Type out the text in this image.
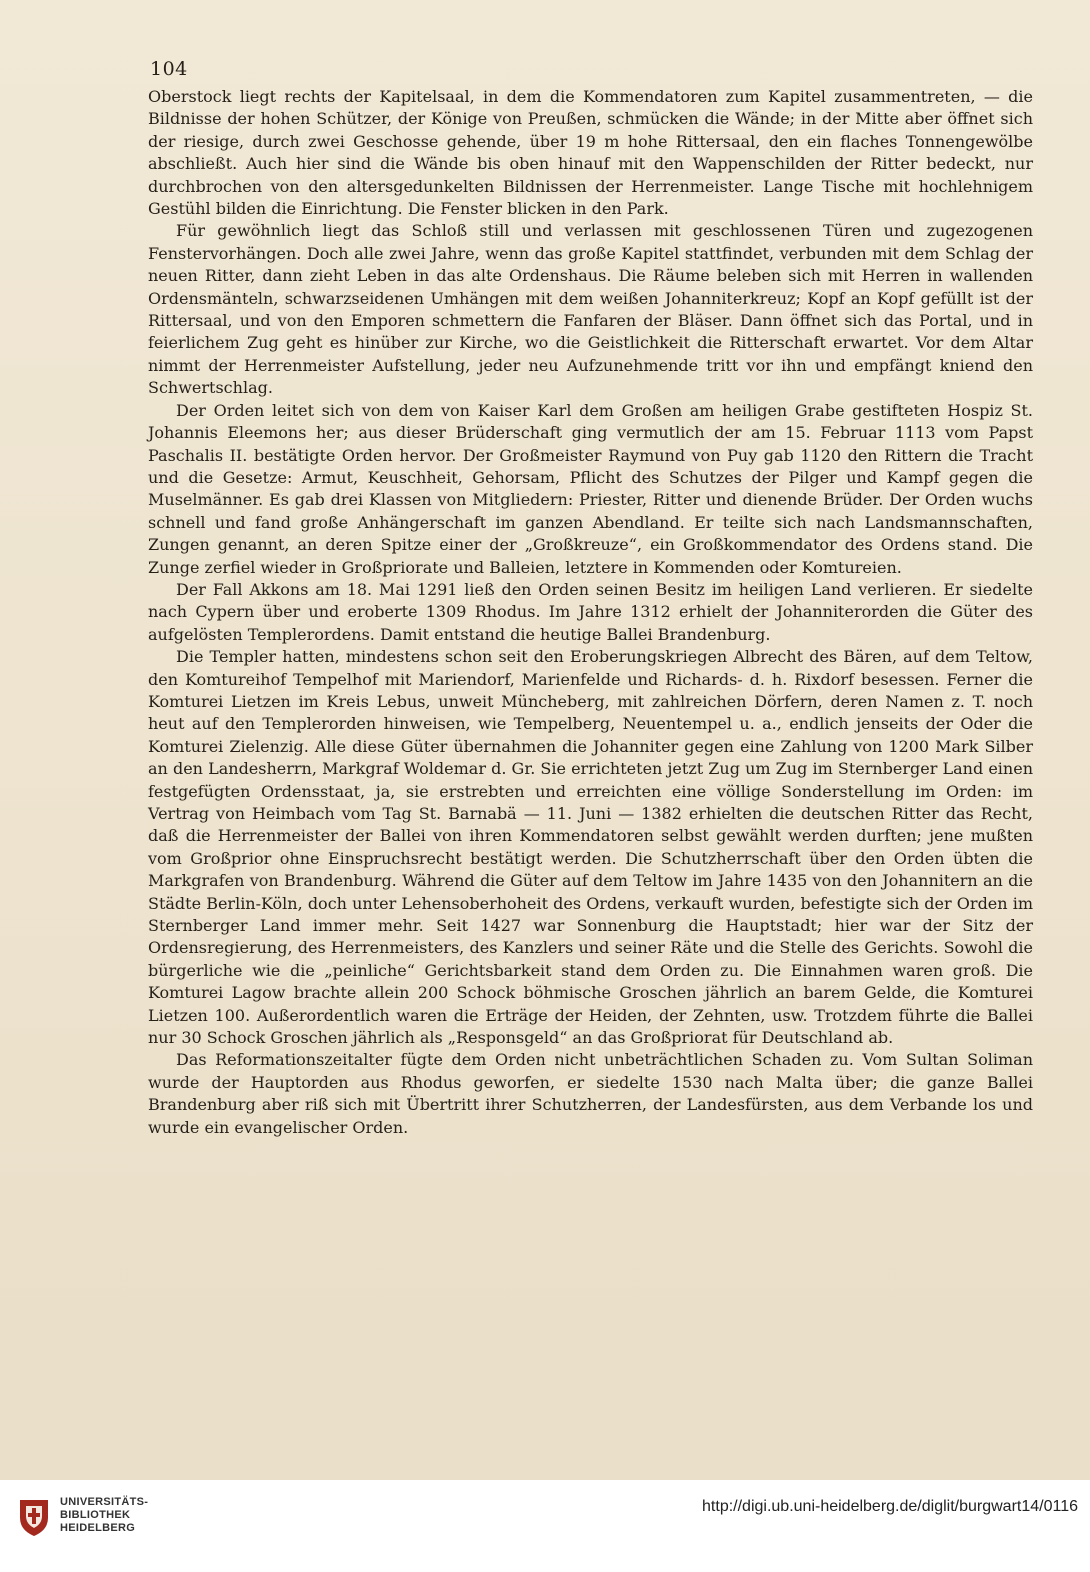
104

Oberstock liegt rechts der Kapitelsaal, in dem die Kommendatoren zum Kapitel zusammentreten, — die Bildnisse der hohen Schützer, der Könige von Preußen, schmücken die Wände; in der Mitte aber öffnet sich der riesige, durch zwei Geschosse gehende, über 19 m hohe Rittersaal, den ein flaches Tonnengewölbe abschließt. Auch hier sind die Wände bis oben hinauf mit den Wappenschilden der Ritter bedeckt, nur durchbrochen von den altersgedunkelten Bildnissen der Herrenmeister. Lange Tische mit hochlehnigem Gestühl bilden die Einrichtung. Die Fenster blicken in den Park.

Für gewöhnlich liegt das Schloß still und verlassen mit geschlossenen Türen und zugezogenen Fenstervorhängen. Doch alle zwei Jahre, wenn das große Kapitel stattfindet, verbunden mit dem Schlag der neuen Ritter, dann zieht Leben in das alte Ordenshaus. Die Räume beleben sich mit Herren in wallenden Ordensmänteln, schwarzseidenen Umhängen mit dem weißen Johanniterkreuz; Kopf an Kopf gefüllt ist der Rittersaal, und von den Emporen schmettern die Fanfaren der Bläser. Dann öffnet sich das Portal, und in feierlichem Zug geht es hinüber zur Kirche, wo die Geistlichkeit die Ritterschaft erwartet. Vor dem Altar nimmt der Herrenmeister Aufstellung, jeder neu Aufzunehmende tritt vor ihn und empfängt kniend den Schwertschlag.

Der Orden leitet sich von dem von Kaiser Karl dem Großen am heiligen Grabe gestifteten Hospiz St. Johannis Eleemons her; aus dieser Brüderschaft ging vermutlich der am 15. Februar 1113 vom Papst Paschalis II. bestätigte Orden hervor. Der Großmeister Raymund von Puy gab 1120 den Rittern die Tracht und die Gesetze: Armut, Keuschheit, Gehorsam, Pflicht des Schutzes der Pilger und Kampf gegen die Muselmänner. Es gab drei Klassen von Mitgliedern: Priester, Ritter und dienende Brüder. Der Orden wuchs schnell und fand große Anhängerschaft im ganzen Abendland. Er teilte sich nach Landsmannschaften, Zungen genannt, an deren Spitze einer der „Großkreuze“, ein Großkommendator des Ordens stand. Die Zunge zerfiel wieder in Großpriorate und Balleien, letztere in Kommenden oder Komtureien.

Der Fall Akkons am 18. Mai 1291 ließ den Orden seinen Besitz im heiligen Land verlieren. Er siedelte nach Cypern über und eroberte 1309 Rhodus. Im Jahre 1312 erhielt der Johanniterorden die Güter des aufgelösten Templerordens. Damit entstand die heutige Ballei Brandenburg.

Die Templer hatten, mindestens schon seit den Eroberungskriegen Albrecht des Bären, auf dem Teltow, den Komtureihof Tempelhof mit Mariendorf, Marienfelde und Richards- d. h. Rixdorf besessen. Ferner die Komturei Lietzen im Kreis Lebus, unweit Müncheberg, mit zahlreichen Dörfern, deren Namen z. T. noch heut auf den Templerorden hinweisen, wie Tempelberg, Neuentempel u. a., endlich jenseits der Oder die Komturei Zielenzig. Alle diese Güter übernahmen die Johanniter gegen eine Zahlung von 1200 Mark Silber an den Landesherrn, Markgraf Woldemar d. Gr. Sie errichteten jetzt Zug um Zug im Sternberger Land einen festgefügten Ordensstaat, ja, sie erstrebten und erreichten eine völlige Sonderstellung im Orden: im Vertrag von Heimbach vom Tag St. Barnabä — 11. Juni — 1382 erhielten die deutschen Ritter das Recht, daß die Herrenmeister der Ballei von ihren Kommendatoren selbst gewählt werden durften; jene mußten vom Großprior ohne Einspruchsrecht bestätigt werden. Die Schutzherrschaft über den Orden übten die Markgrafen von Brandenburg. Während die Güter auf dem Teltow im Jahre 1435 von den Johannitern an die Städte Berlin-Köln, doch unter Lehensoberhoheit des Ordens, verkauft wurden, befestigte sich der Orden im Sternberger Land immer mehr. Seit 1427 war Sonnenburg die Hauptstadt; hier war der Sitz der Ordensregierung, des Herrenmeisters, des Kanzlers und seiner Räte und die Stelle des Gerichts. Sowohl die bürgerliche wie die „peinliche“ Gerichtsbarkeit stand dem Orden zu. Die Einnahmen waren groß. Die Komturei Lagow brachte allein 200 Schock böhmische Groschen jährlich an barem Gelde, die Komturei Lietzen 100. Außerordentlich waren die Erträge der Heiden, der Zehnten, usw. Trotzdem führte die Ballei nur 30 Schock Groschen jährlich als „Responsgeld“ an das Großpriorat für Deutschland ab.

Das Reformationszeitalter fügte dem Orden nicht unbeträchtlichen Schaden zu. Vom Sultan Soliman wurde der Hauptorden aus Rhodus geworfen, er siedelte 1530 nach Malta über; die ganze Ballei Brandenburg aber riß sich mit Übertritt ihrer Schutzherren, der Landesfürsten, aus dem Verbande los und wurde ein evangelischer Orden.

UNIVERSITÄTS-
BIBLIOTHEK
HEIDELBERG
http://digi.ub.uni-heidelberg.de/diglit/burgwart14/0116
